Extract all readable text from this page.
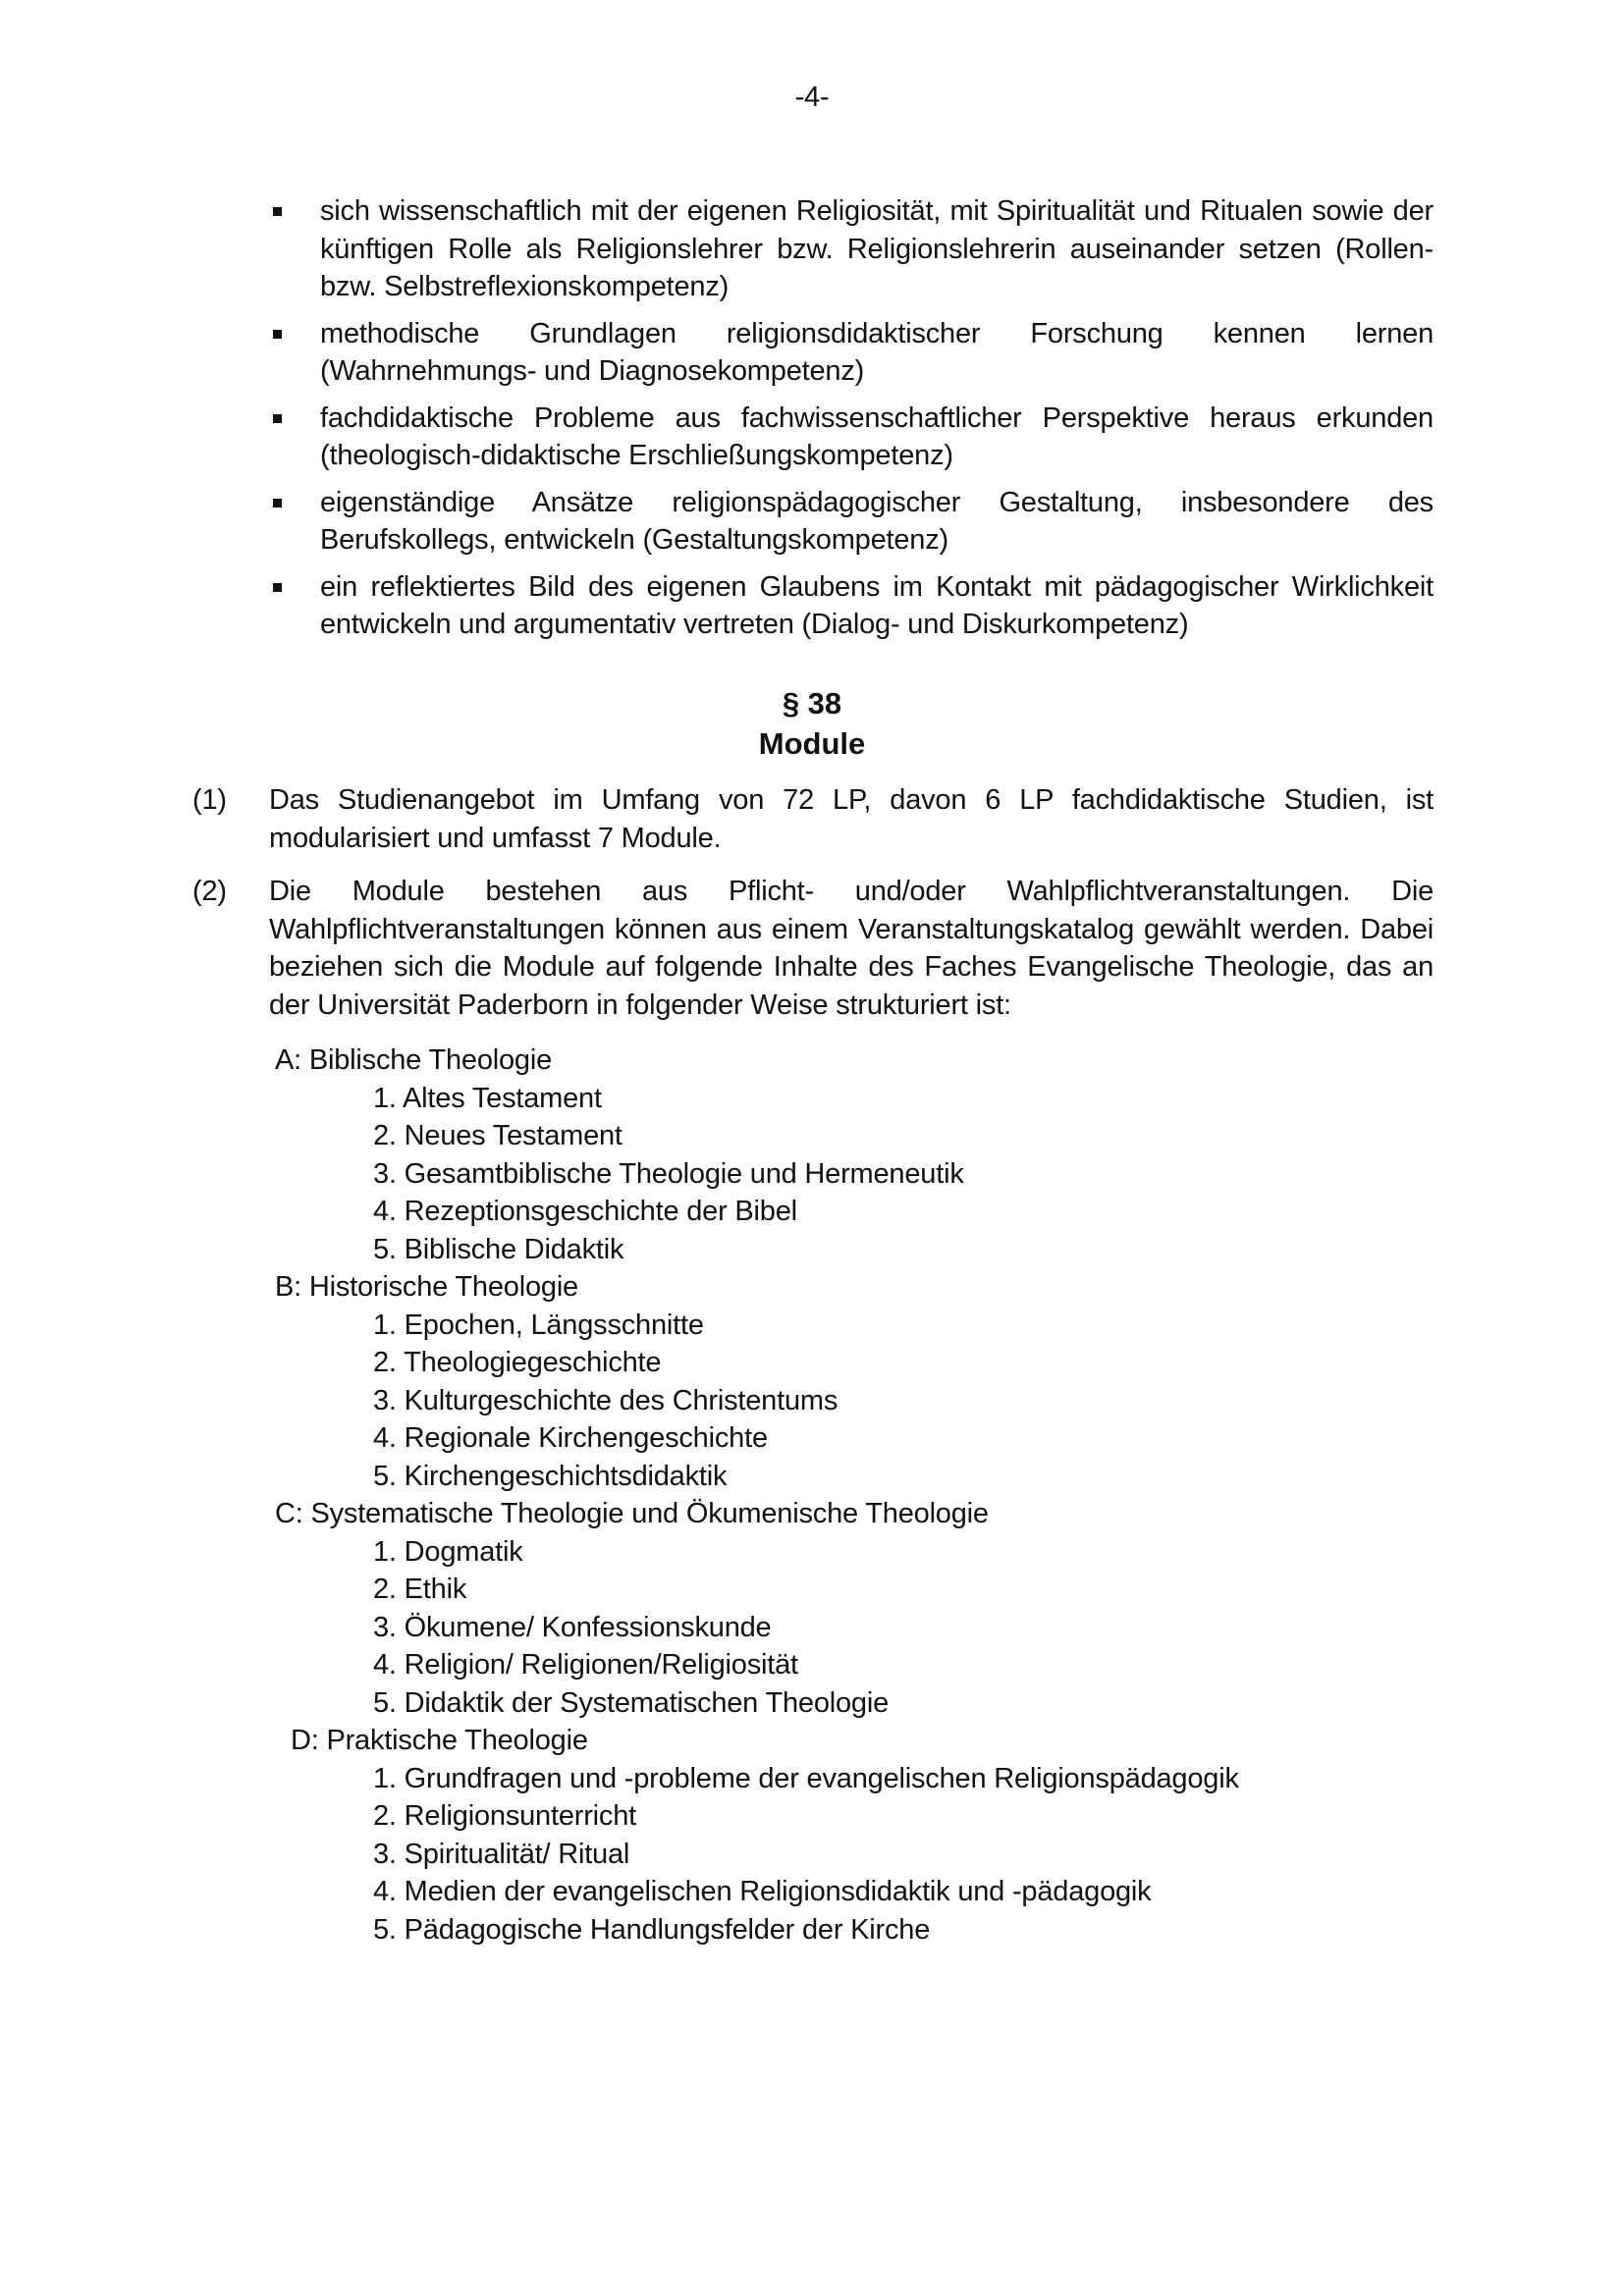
-4-
sich wissenschaftlich mit der eigenen Religiosität, mit Spiritualität und Ritualen sowie der künftigen Rolle als Religionslehrer bzw. Religionslehrerin auseinander setzen (Rollen- bzw. Selbstreflexionskompetenz)
methodische Grundlagen religionsdidaktischer Forschung kennen lernen (Wahrnehmungs- und Diagnosekompetenz)
fachdidaktische Probleme aus fachwissenschaftlicher Perspektive heraus erkunden (theologisch-didaktische Erschließungskompetenz)
eigenständige Ansätze religionspädagogischer Gestaltung, insbesondere des Berufskollegs, entwickeln (Gestaltungskompetenz)
ein reflektiertes Bild des eigenen Glaubens im Kontakt mit pädagogischer Wirklichkeit entwickeln und argumentativ vertreten (Dialog- und Diskurkompetenz)
§ 38
Module
(1)	Das Studienangebot im Umfang von 72 LP, davon 6 LP fachdidaktische Studien, ist modularisiert und umfasst 7 Module.
(2)	Die Module bestehen aus Pflicht- und/oder Wahlpflichtveranstaltungen. Die Wahlpflichtveranstaltungen können aus einem Veranstaltungskatalog gewählt werden. Dabei beziehen sich die Module auf folgende Inhalte des Faches Evangelische Theologie, das an der Universität Paderborn in folgender Weise strukturiert ist:
A: Biblische Theologie
1. Altes Testament
2. Neues Testament
3. Gesamtbiblische Theologie und Hermeneutik
4. Rezeptionsgeschichte der Bibel
5. Biblische Didaktik
B: Historische Theologie
1. Epochen, Längsschnitte
2. Theologiegeschichte
3. Kulturgeschichte des Christentums
4. Regionale Kirchengeschichte
5. Kirchengeschichtsdidaktik
C: Systematische Theologie und Ökumenische Theologie
1. Dogmatik
2. Ethik
3. Ökumene/ Konfessionskunde
4. Religion/ Religionen/Religiosität
5. Didaktik der Systematischen Theologie
D: Praktische Theologie
1. Grundfragen und -probleme der evangelischen Religionspädagogik
2. Religionsunterricht
3. Spiritualität/ Ritual
4. Medien der evangelischen Religionsdidaktik und -pädagogik
5. Pädagogische Handlungsfelder der Kirche
